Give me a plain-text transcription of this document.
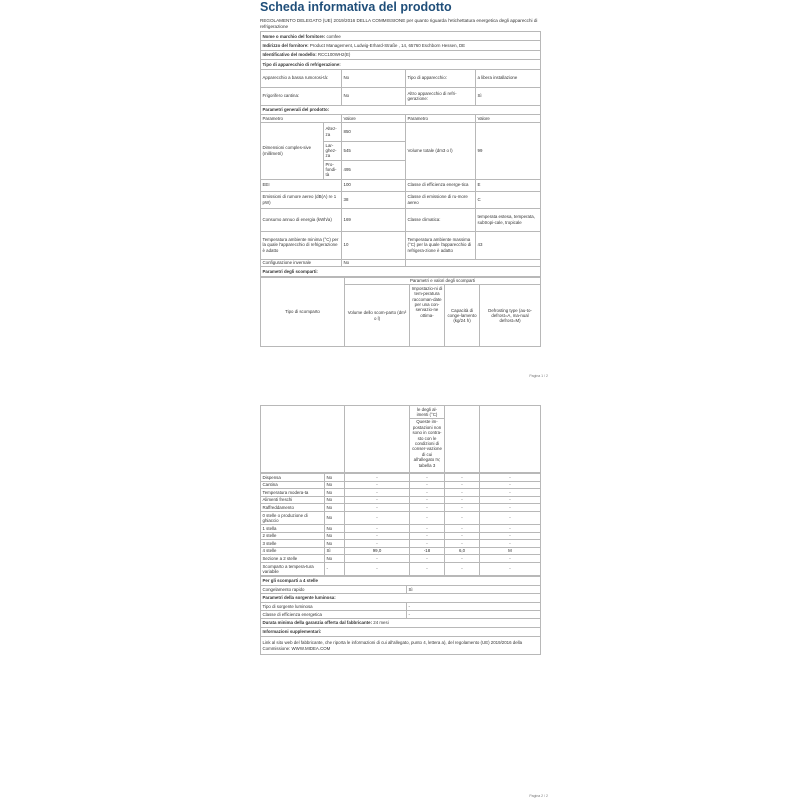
Scheda informativa del prodotto
REGOLAMENTO DELEGATO (UE) 2019/2016 DELLA COMMISSIONE per quanto riguarda l'etichettatura energetica degli apparecchi di refrigerazione
Nome o marchio del fornitore: comfee				
Indirizzo del fornitore: Product Management, Ludwig-Erhard-Straße , 14, 65760 Eschborn Hessen, DE				
Identificativo del modello: RCC100WH2(E)				
Tipo di apparecchio di refrigerazione:				
Apparecchio a bassa rumorosi-tà:		No	Tipo di apparecchio:	a libera installazione
Frigorifero cantina:		No	Altro apparecchio di refri-gerazione:	Sì
Parametri generali del prodotto:				
Parametro		Valore	Parametro	Valore
Dimensioni comples-sive (millimetri)	Altez-za	850	Volume totale (dm3 o l)	99
	Lar-ghez-za	545		
	Pro-fondi-tà	495		
EEI		100	Classe di efficienza energe-tica	E
Emissioni di rumore aereo (dB(A) re 1 pW)		38	Classe di emissione di ru-more aereo	C
Consumo annuo di energia (kWh/a)		169	Classe climatica:	temperata estesa, temperata, subtropi-cale, tropicale
Temperatura ambiente minima (°C) per la quale l'apparecchio di refrigerazione è adatto		10	Temperatura ambiente massima (°C) per la quale l'apparecchio di refrigera-zione è adatto	43
Configurazione invernale		No		
Parametri degli scomparti:				
Tipo di scomparto	Parametri e valori degli scomparti			
	Volume dello scom-parto (dm³ o l)	Impostazio-ni di tem-peratura raccoman-date per una con-servazio-ne ottima-	Capacità di conge-lamento (kg/24 h)	Defrosting type (au-to-defrost=A, ma-nual defrost=M)
Pagina 1 / 2

le degli al-imenti (°C)
Queste im-postazioni non sono in contra-sto con le condizioni di conser-vazione di cui all'allegato IV, tabella 3

Dispensa	No	-	-	-	-
Cantina	No	-	-	-	-
Temperatura modera-ta	No	-	-	-	-
Alimenti freschi	No	-	-	-	-
Raffreddamento	No	-	-	-	-
0 stelle o produzione di ghiaccio	No	-	-	-	-
1 stella	No	-	-	-	-
2 stelle	No	-	-	-	-
3 stelle	No	-	-	-	-
4 stelle	Sì	99,0	-18	6,0	M
Sezione a 2 stelle	No	-	-	-	-
Scomparto a tempera-tura variabile	-	-	-	-	-
Per gli scomparti a 4 stelle	
Congelamento rapido	Sì
Parametri della sorgente luminosa:	
Tipo di sorgente luminosa	-
Classe di efficienza energetica	-
Durata minima della garanzia offerta dal fabbricante: 24 mesi	
Informazioni supplementari:	
Link al sito web del fabbricante, che riporta le informazioni di cui all'allegato, punto 4, lettera a), del regolamento (UE) 2019/2016 della Commissione: WWW.MIDEA.COM	
Pagina 2 / 2
